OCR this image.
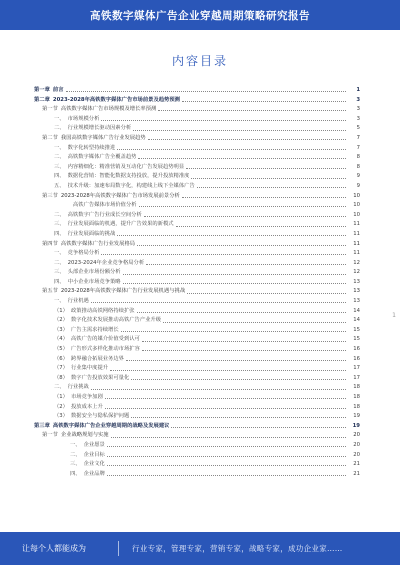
高铁数字媒体广告企业穿越周期策略研究报告
内容目录
第一章 前言	1
第二章 2023-2028年高铁数字媒体广告市场前景及趋势预测	3
第一节 高铁数字媒体广告市场规模及增长率预测	3
一、 市场规模分析	3
二、 行业规模增长驱动因素分析	5
第二节 我国高铁数字媒体广告行业发展趋势	7
一、 数字化转型持续推进	7
二、 高铁数字媒体广告全覆盖趋势	8
三、 内容精细化：精准营销及互动化广告发展趋势明显	8
四、 数据化营销：智能化数据支持投放，提升投放精准度	9
五、 技术升级：加速布局数字化，构建线上线下全媒体广告	9
第三节 2023-2028年高铁数字媒体广告市场发展前景分析	10
高铁广告媒体市场价值分析	10
二、 高铁数字广告行业成长空间分析	10
三、 行业发展面临的机遇，提升广告效果的新模式	11
四、 行业发展面临的挑战	11
第四节 高铁数字媒体广告行业发展格局	11
一、 竞争格局分析	11
二、 2023-2024年企业竞争格局分析	12
三、 头部企业市场份额分析	12
四、 中小企业市场竞争策略	13
第五节 2023-2028年高铁数字媒体广告行业发展机遇与挑战	13
一、 行业机遇	13
（1） 政策推动高铁网络持续扩张	14
（2） 数字化技术发展推动高铁广告产业升级	14
（3） 广告主需求持续增长	15
（4） 高铁广告的媒介价值受到认可	15
（5） 广告形式多样化推动市场扩容	16
（6） 跨界融合拓展业务边界	16
（7） 行业集中度提升	17
（8） 数字广告投放效果可量化	17
二、 行业挑战	18
（1） 市场竞争加剧	18
（2） 投放成本上升	18
（3） 数据安全与隐私保护问题	19
第三章 高铁数字媒体广告企业穿越周期的战略及发展建议	19
第一节 企业战略规划与实施	20
一、 企业愿景	20
二、 企业目标	20
三、 企业文化	21
四、 企业品牌	21
1
让每个人都能成为	行业专家，管理专家，营销专家，战略专家，成功企业家……
